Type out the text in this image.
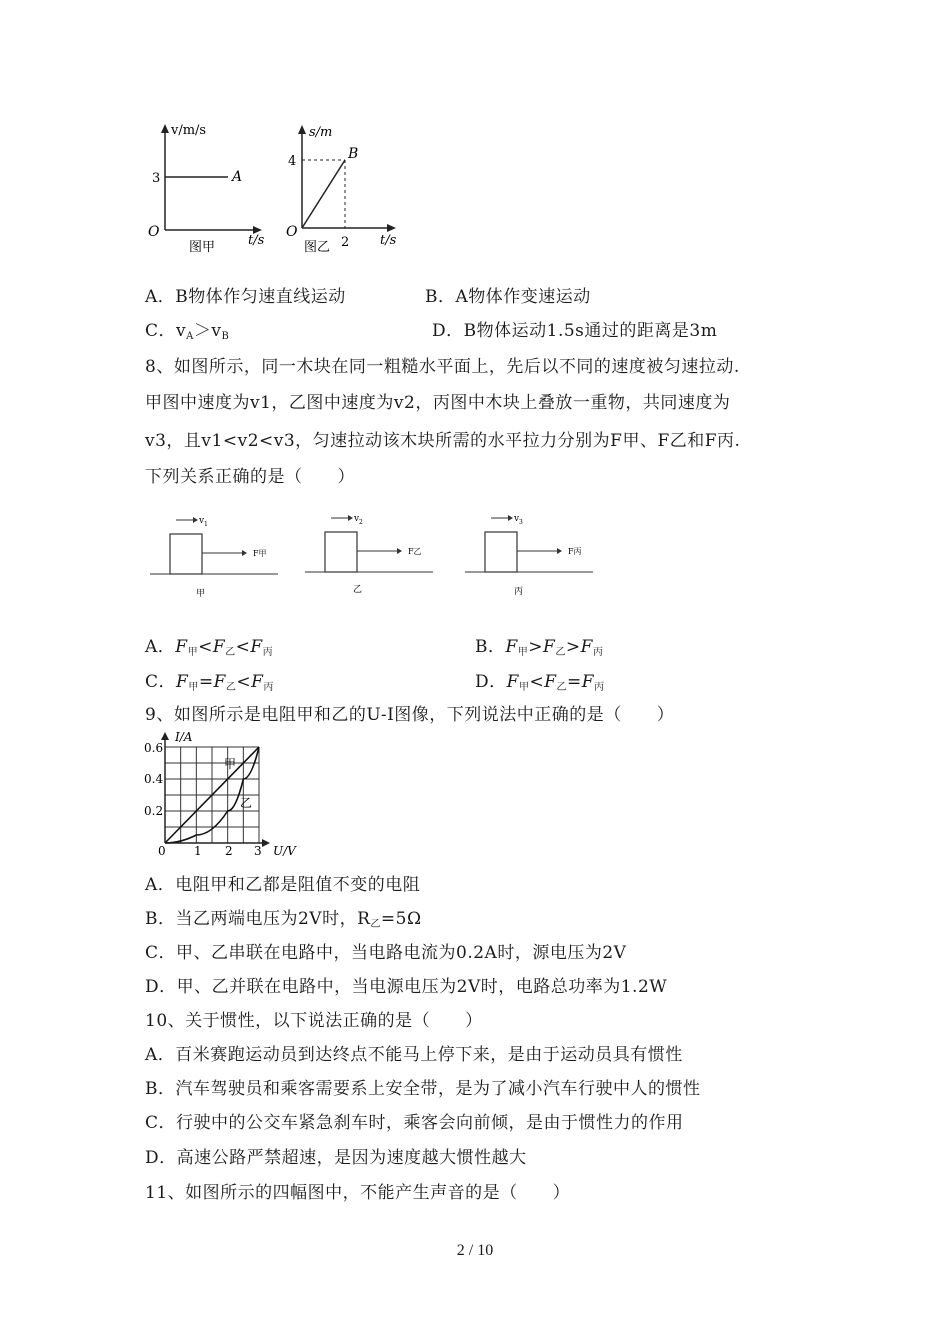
v/m/s
3	A
O
图甲	t/s
s/m
4	B
O
图乙 2 t/s
A．B物体作匀速直线运动	B．A物体作变速运动
C．$v_A>v_B$	D．B物体运动1.5s通过的距离是3m
8、如图所示，同一木块在同一粗糙水平面上，先后以不同的速度被匀速拉动.
甲图中速度为v1，乙图中速度为v2，丙图中木块上叠放一重物，共同速度为
v3，且v1<v2<v3，匀速拉动该木块所需的水平拉力分别为F甲、F乙和F丙.
下列关系正确的是（　　）
v 1
F甲
甲
v 2
F乙
乙
v 3
F丙
丙
A．$F_甲<F_乙<F_丙$	B．$F_甲>F_乙>F_丙$
C．$F_甲=F_乙<F_丙$	D．$F_甲<F_乙=F_丙$
9、如图所示是电阻甲和乙的U-I图像，下列说法中正确的是（　　）
I/A
U/V
0
0.6
0.4
0.2
1 2 3
甲
乙
A．电阻甲和乙都是阻值不变的电阻
B．当乙两端电压为2V时，$R_乙=5\Omega$
C．甲、乙串联在电路中，当电路电流为0.2A时，源电压为2V
D．甲、乙并联在电路中，当电源电压为2V时，电路总功率为1.2W
10、关于惯性，以下说法正确的是（　　）
A．百米赛跑运动员到达终点不能马上停下来，是由于运动员具有惯性
B．汽车驾驶员和乘客需要系上安全带，是为了减小汽车行驶中人的惯性
C．行驶中的公交车紧急刹车时，乘客会向前倾，是由于惯性力的作用
D．高速公路严禁超速，是因为速度越大惯性越大
11、如图所示的四幅图中，不能产生声音的是（　　）
2 / 10
